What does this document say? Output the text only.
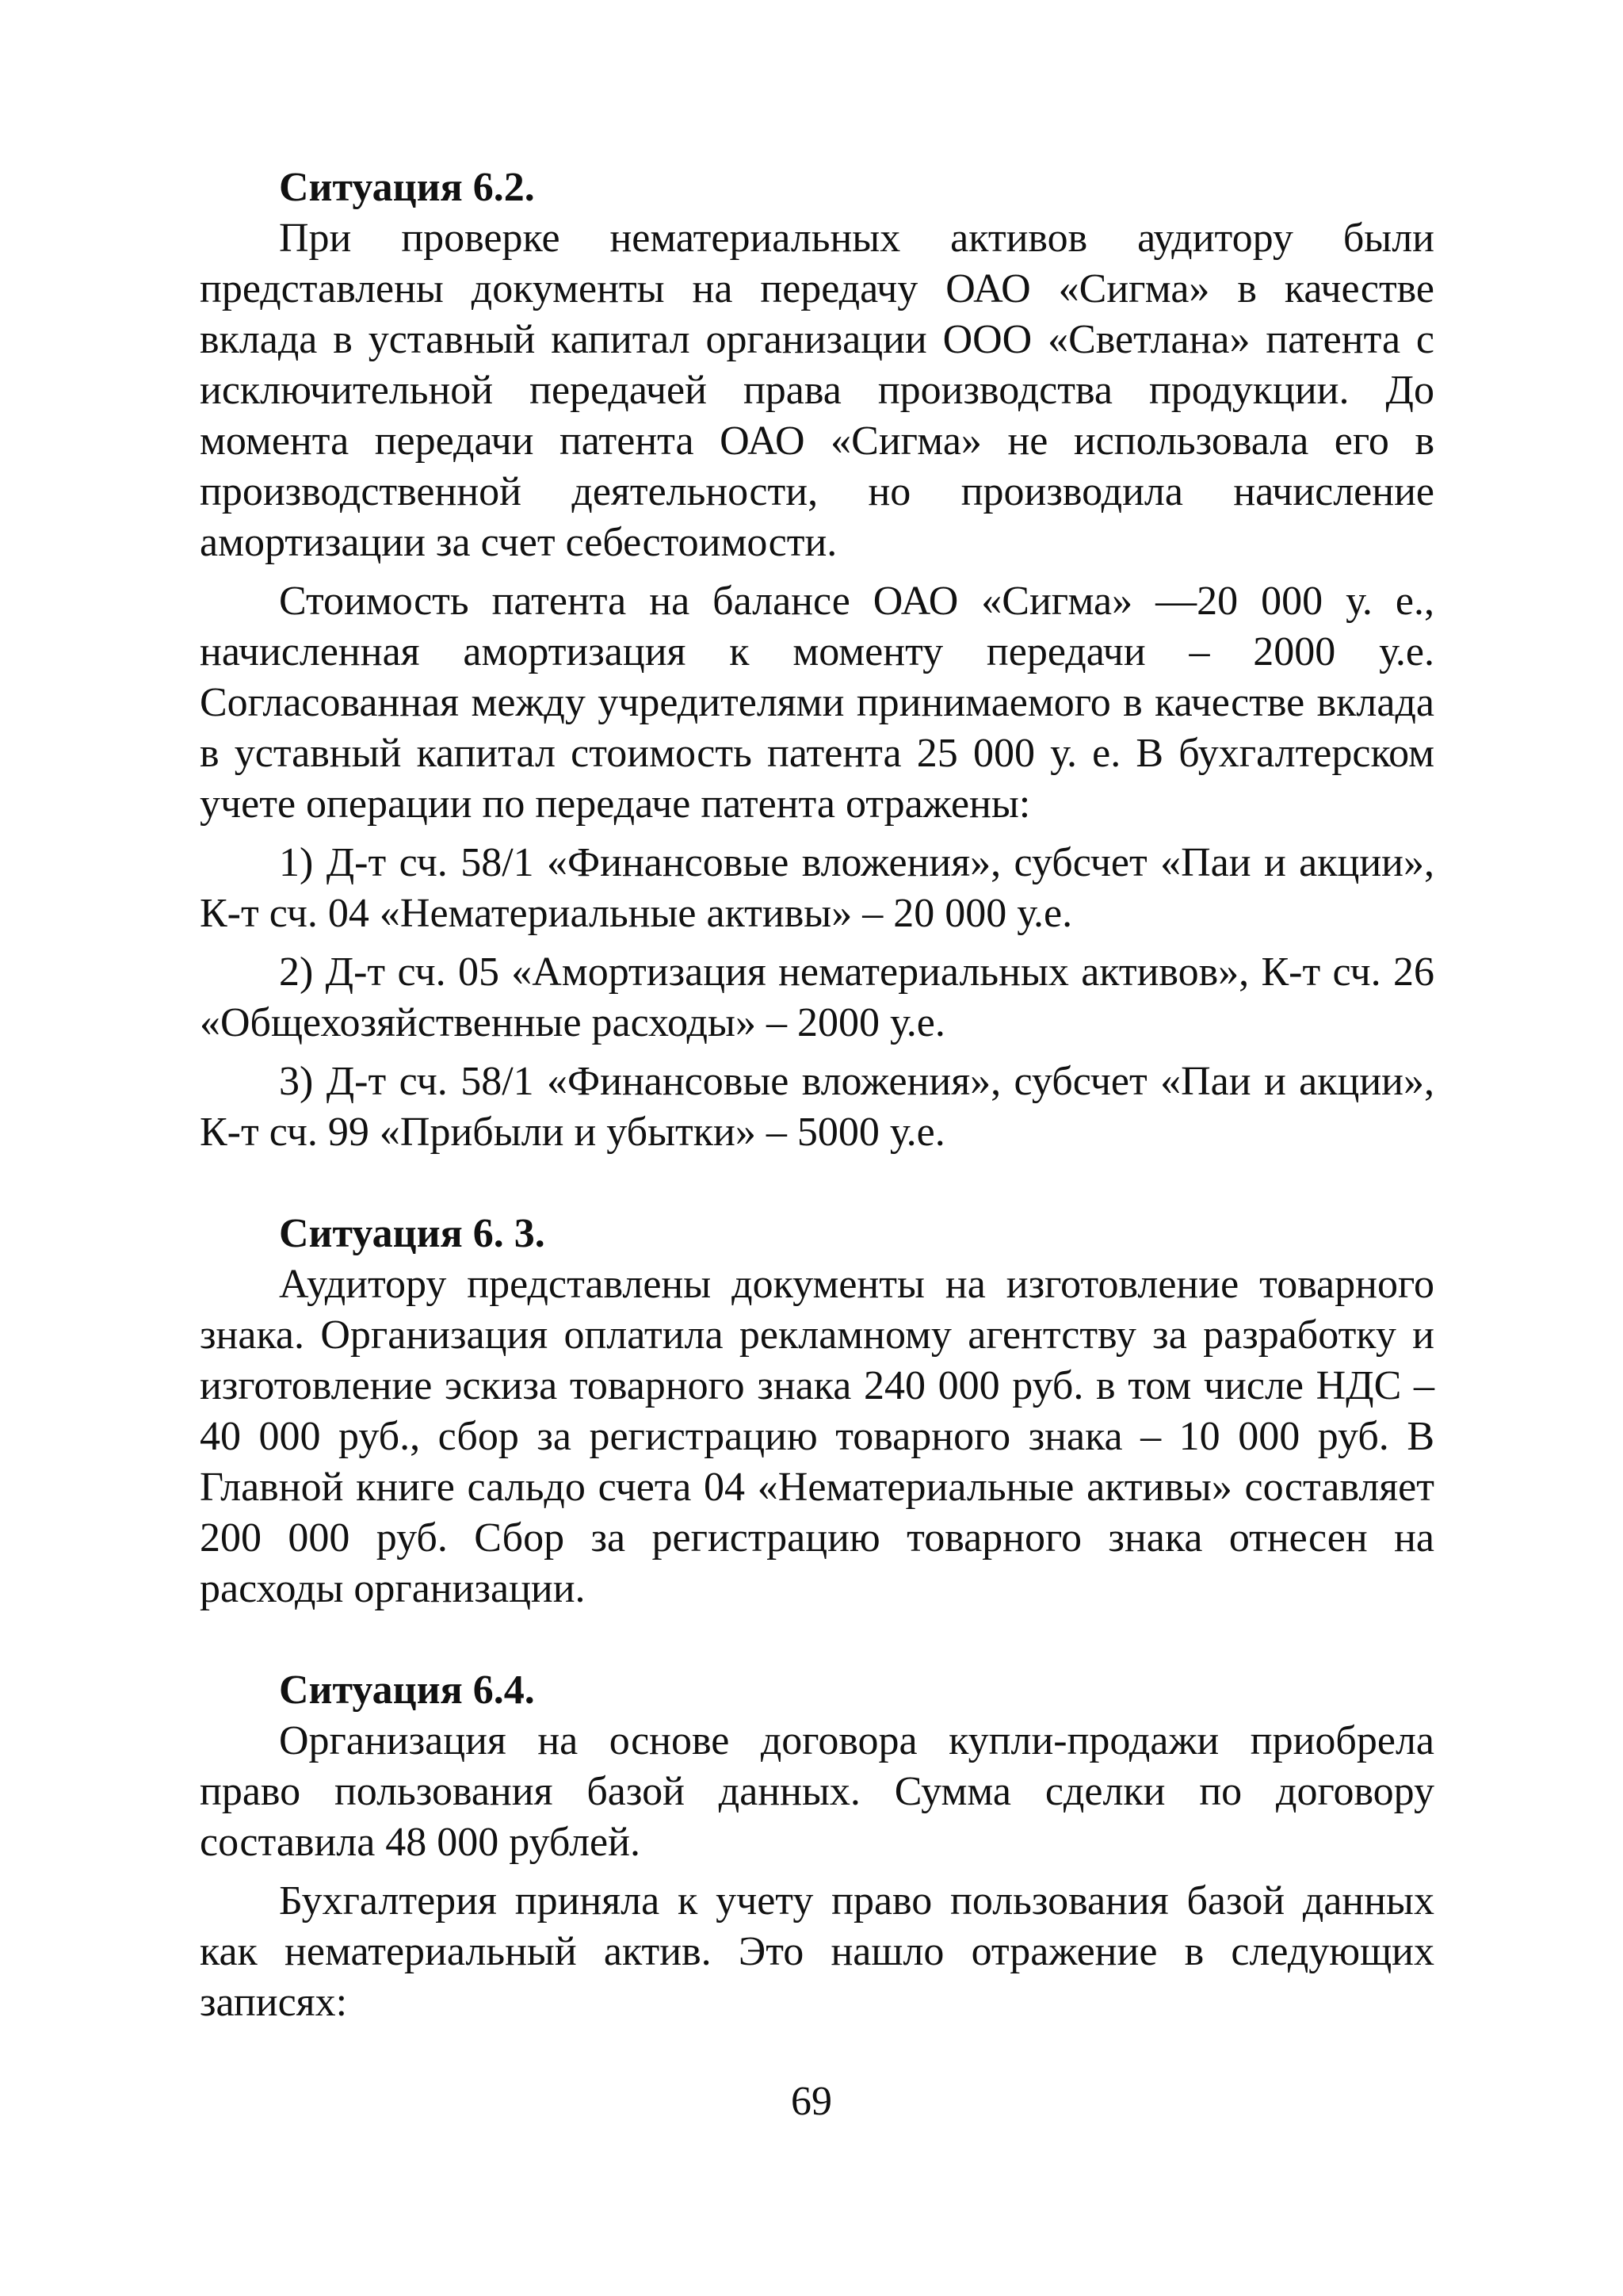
Ситуация 6.2.

При проверке нематериальных активов аудитору были представлены документы на передачу ОАО «Сигма» в качестве вклада в уставный капитал организации ООО «Светлана» патента с исключительной передачей права производства продукции. До момента передачи патента ОАО «Сигма» не использовала его в производственной деятельности, но производила начисление амортизации за счет себестоимости.

Стоимость патента на балансе ОАО «Сигма» —20 000 у. е., начисленная амортизация к моменту передачи – 2000 у.е. Согласованная между учредителями принимаемого в качестве вклада в уставный капитал стоимость патента 25 000 у. е. В бухгалтерском учете операции по передаче патента отражены:

1) Д-т сч. 58/1 «Финансовые вложения», субсчет «Паи и акции», К-т сч. 04 «Нематериальные активы» – 20 000 у.е.

2) Д-т сч. 05 «Амортизация нематериальных активов», К-т сч. 26 «Общехозяйственные расходы» – 2000 у.е.

3) Д-т сч. 58/1 «Финансовые вложения», субсчет «Паи и акции», К-т сч. 99 «Прибыли и убытки» – 5000 у.е.

Ситуация 6. 3.

Аудитору представлены документы на изготовление товарного знака. Организация оплатила рекламному агентству за разработку и изготовление эскиза товарного знака 240 000 руб. в том числе НДС – 40 000 руб., сбор за регистрацию товарного знака – 10 000 руб. В Главной книге сальдо счета 04 «Нематериальные активы» составляет 200 000 руб. Сбор за регистрацию товарного знака отнесен на расходы организации.

Ситуация 6.4.

Организация на основе договора купли-продажи приобрела право пользования базой данных. Сумма сделки по договору составила 48 000 рублей.

Бухгалтерия приняла к учету право пользования базой данных как нематериальный актив. Это нашло отражение в следующих записях:

69
